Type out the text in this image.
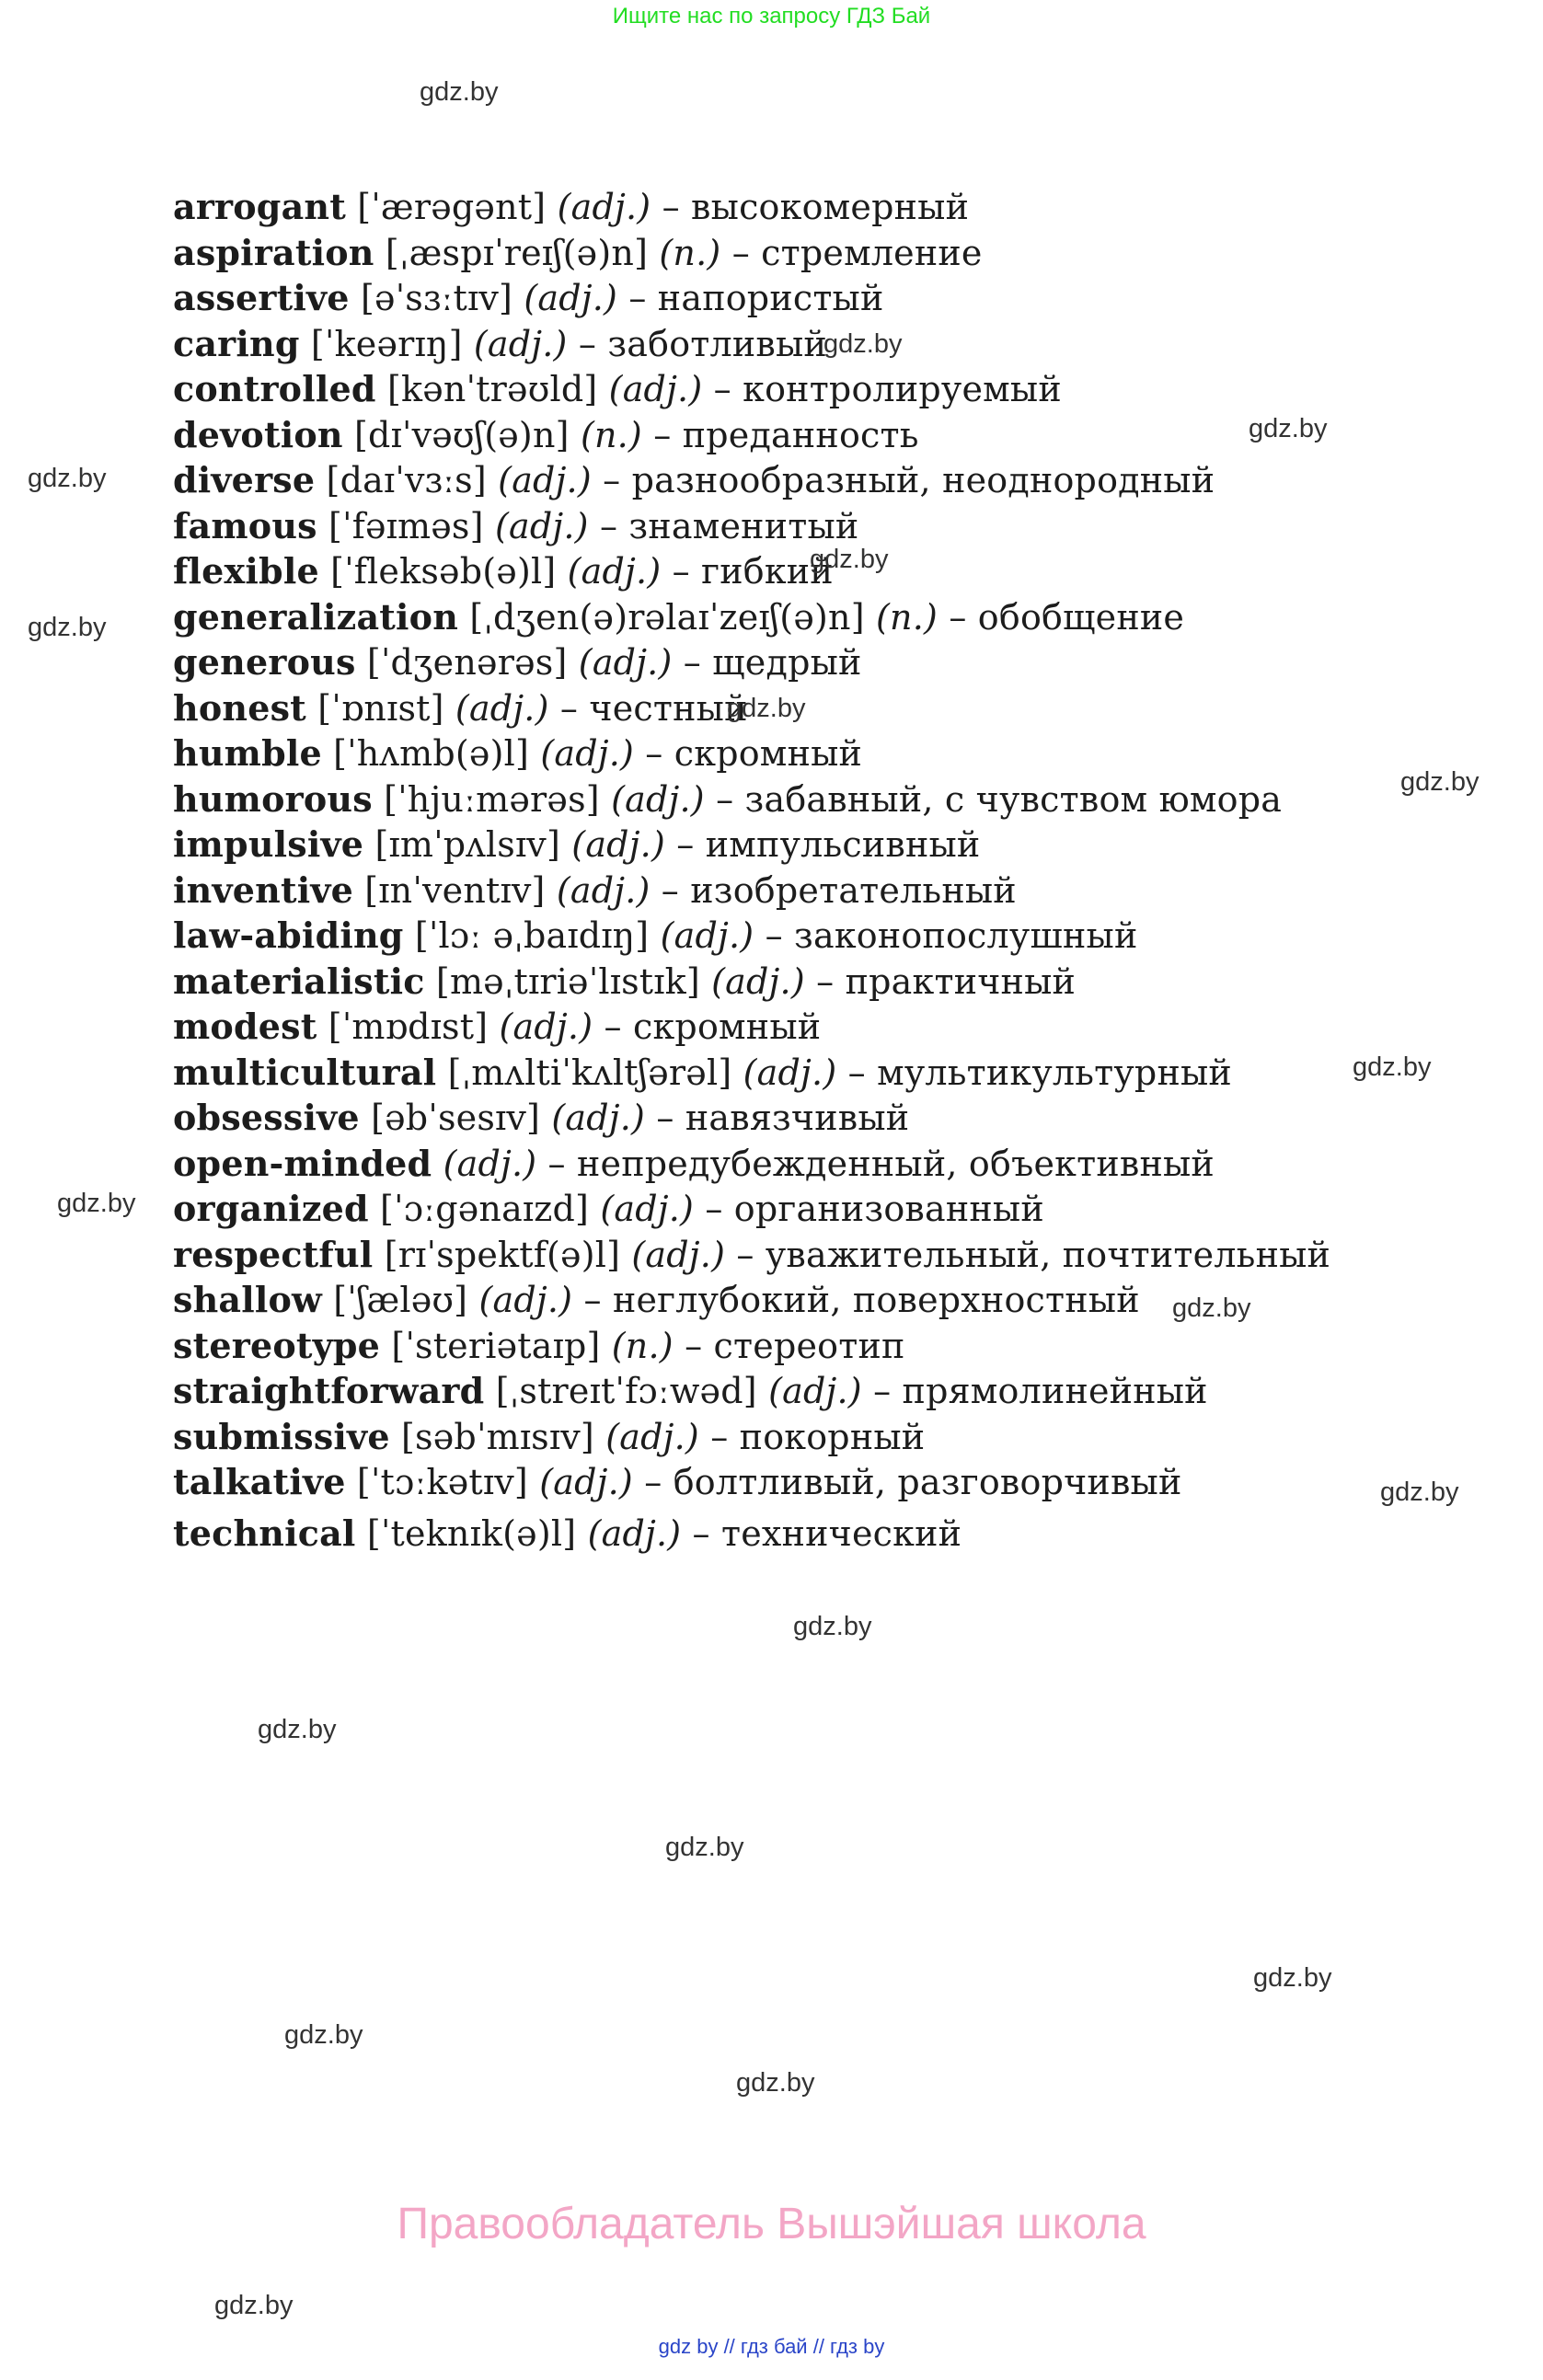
Ищите нас по запросу ГДЗ Бай
arrogant [ˈærəgənt] (adj.) – высокомерный
aspiration [ˌæspɪˈreɪʃ(ə)n] (n.) – стремление
assertive [əˈsɜːtɪv] (adj.) – напористый
caring [ˈkeərɪŋ] (adj.) – заботливый
controlled [kənˈtrəʊld] (adj.) – контролируемый
devotion [dɪˈvəʊʃ(ə)n] (n.) – преданность
diverse [daɪˈvɜːs] (adj.) – разнообразный, неоднородный
famous [ˈfəɪməs] (adj.) – знаменитый
flexible [ˈfleksəb(ə)l] (adj.) – гибкий
generalization [ˌdʒen(ə)rəlaɪˈzeɪʃ(ə)n] (n.) – обобщение
generous [ˈdʒenərəs] (adj.) – щедрый
honest [ˈɒnɪst] (adj.) – честный
humble [ˈhʌmb(ə)l] (adj.) – скромный
humorous [ˈhjuːmərəs] (adj.) – забавный, с чувством юмора
impulsive [ɪmˈpʌlsɪv] (adj.) – импульсивный
inventive [ɪnˈventɪv] (adj.) – изобретательный
law-abiding [ˈlɔː əˌbaɪdɪŋ] (adj.) – законопослушный
materialistic [məˌtɪriəˈlɪstɪk] (adj.) – практичный
modest [ˈmɒdɪst] (adj.) – скромный
multicultural [ˌmʌltiˈkʌltʃərəl] (adj.) – мультикультурный
obsessive [əbˈsesɪv] (adj.) – навязчивый
open-minded (adj.) – непредубежденный, объективный
organized [ˈɔːgənaɪzd] (adj.) – организованный
respectful [rɪˈspektf(ə)l] (adj.) – уважительный, почтительный
shallow [ˈʃæləʊ] (adj.) – неглубокий, поверхностный
stereotype [ˈsteriətaɪp] (n.) – стереотип
straightforward [ˌstreɪtˈfɔːwəd] (adj.) – прямолинейный
submissive [səbˈmɪsɪv] (adj.) – покорный
talkative [ˈtɔːkətɪv] (adj.) – болтливый, разговорчивый
technical [ˈteknɪk(ə)l] (adj.) – технический
gdz.by
gdz.by
gdz.by
gdz.by
gdz.by
gdz.by
gdz.by
gdz.by
gdz.by
gdz.by
gdz.by
gdz.by
gdz.by
gdz.by
gdz.by
gdz.by
gdz.by
gdz.by
gdz.by
Правообладатель Вышэйшая школа
gdz by // гдз бай // гдз by
